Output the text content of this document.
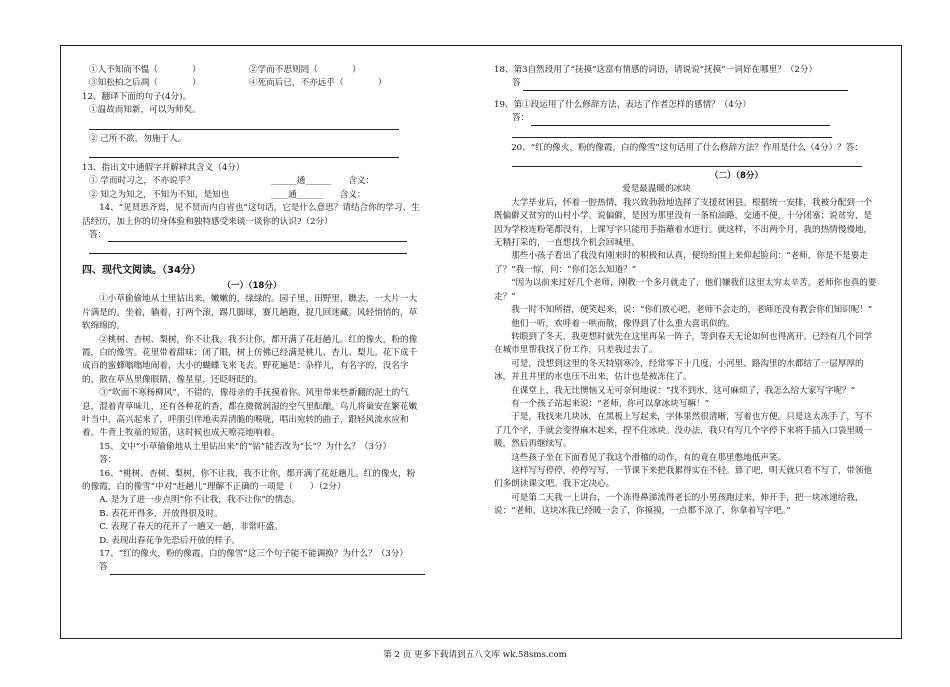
①人不知而不愠（　　　　）	②学而不思则罔（　　　　）
③知松柏之后凋（　　　　）	④死而后已，不亦远乎（　　　　）

12、翻译下面的句子(4分)。

①温故而知新，可以为师矣。

② 己所不欲，勿施于人。

13、指出文中通假字并解释其含义（4分）

① 学而时习之，不亦说乎？	______通______　　含义：
② 知之为知之，不知为不知，是知也	____通______　　含义：

14、“见贤思齐焉，见不贤而内自省也”这句话，它是什么意思？请结合你的学习、生活经历，加上你的切身体验和独特感受来谈一谈你的认识?（2分）

答：

四、现代文阅读。（34分）

（一）（18分）

①小草偷偷地从土里钻出来，嫩嫩的，绿绿的。园子里，田野里，瞧去，一大片一大片满是的。坐着，躺着，打两个滚，踢几脚球，赛几趟跑，捉几回迷藏。风轻悄悄的，草软绵绵的。

②桃树、杏树、梨树，你不让我，我不让你，都开满了花赶趟儿。红的像火，粉的像霞，白的像雪。花里带着甜味；闭了眼，树上仿佛已经满是桃儿、杏儿、梨儿。花下成千成百的蜜蜂嗡嗡地闹着，大小的蝴蝶飞来飞去。野花遍是：杂样儿，有名字的，没名字的，散在草丛里像眼睛，像星星，还眨呀眨的。

③“吹面不寒杨柳风”，不错的，像母亲的手抚摸着你。风里带来些新翻的泥土的气息，混着青草味儿，还有各种花的香，都在微微润湿的空气里酝酿。鸟儿将巢安在繁花嫩叶当中，高兴起来了，呼朋引伴地卖弄清脆的喉咙，唱出宛转的曲子，跟轻风流水应和着。牛背上牧童的短笛，这时候也成天嘹亮地响着。

15、文中“小草偷偷地从土里钻出来”的“钻”能否改为“长”？为什么？（3分）

答：

16、“桃树、杏树、梨树，你不让我，我不让你，都开满了花赶趟儿。红的像火，粉的像霞，白的像雪”中对“赶趟儿”理解不正确的一项是（　　）（2分）

A. 是为了进一步点明“你不让我，我不让你”的情态。

B. 表花开得多，开放得很及时。

C. 表现了春天的花开了一趟又一趟，非常旺盛。

D. 表现出春花争先恐后开放的样子。

17、“红的像火，粉的像霞，白的像雪”这三个句子能不能调换？为什么？（3分）

答

18、第3自然段用了“抚摸”这富有情感的词语，请说说“抚摸”一词好在哪里？（2分）

答

19、第①段运用了什么修辞方法、表达了作者怎样的感情？（4分）

答：

20、“红的像火，粉的像霞，白的像雪”这句话用了什么修辞方法？作用是什么（4分）？答：

（二）（8分）

爱是最温暖的冰块

大学毕业后，怀着一腔热情，我兴致勃勃地选择了支援贫困县。根据统一安排，我被分配到一个既偏僻又贫穷的山村小学。说偏僻，是因为那里没有一条柏油路，交通不便，十分闭塞；说贫穷，是因为学校连粉笔都没有，上课写字只能用手指蘸着水进行。就这样，不出两个月，我的热情慢慢地，无精打采的，一直想找个机会回城里。

那些小孩子看出了我没有刚来时的积极和认真，便纷纷围上来仰起脸问：“老师，你是不是要走了？”我一惊，问：“你们怎么知道？”

“因为以前来过好几个老师，刚教一个多月就走了，他们嫌我们这里太穷太辛苦。老师你也真的要走？”

我一时不知所措，便笑起来，说：“你们放心吧，老师不会走的，老师还没有教会你们知识呢！”

他们一听，欢呼着一哄而散，像得到了什么重大喜讯似的。

转眼到了冬天，我更想时就先在这里再呆一阵子，等到春天无论如何也得离开。已经有几个同学在城市里帮我找了份工作，只差我过去了。

可是，没想到这里的冬天特别寒冷，经常零下十几度，小河里、路沟里的水都结了一层厚厚的冰，并且井里的水也压不出来，估计也是被冻住了。

在课堂上，我无比懊恼又无可奈何地说：“找不到水，这可麻烦了，我怎么给大家写字呢？”

有一个孩子站起来说：“老师，你可以拿冰块写嘛！”

于是，我找来几块冰，在黑板上写起来，字体果然很清晰，写着也方便。只是这太冻手了，写不了几个字，手就会变得麻木起来，捏不住冰块。没办法，我只有写几个字停下来将手插入口袋里暖一暖，然后再继续写。

这些孩子坐在下面看见了我这个滑稽的动作，有的竟在那里憋地低声笑。

这样写写停停，停停写写，一节课下来把我累得实在不轻。算了吧，明天就只看不写了，带领他们多朗读课文吧。我下定决心。

可是第二天我一上讲台，一个冻得鼻涕流得老长的小男孩跑过来，伸开手，把一块冰递给我，说：“老师，这块冰我已经暖一会了，你摸摸，一点都不凉了，你拿着写字吧。”

第 2 页 更多下载请到五八文库 wk.58sms.com
